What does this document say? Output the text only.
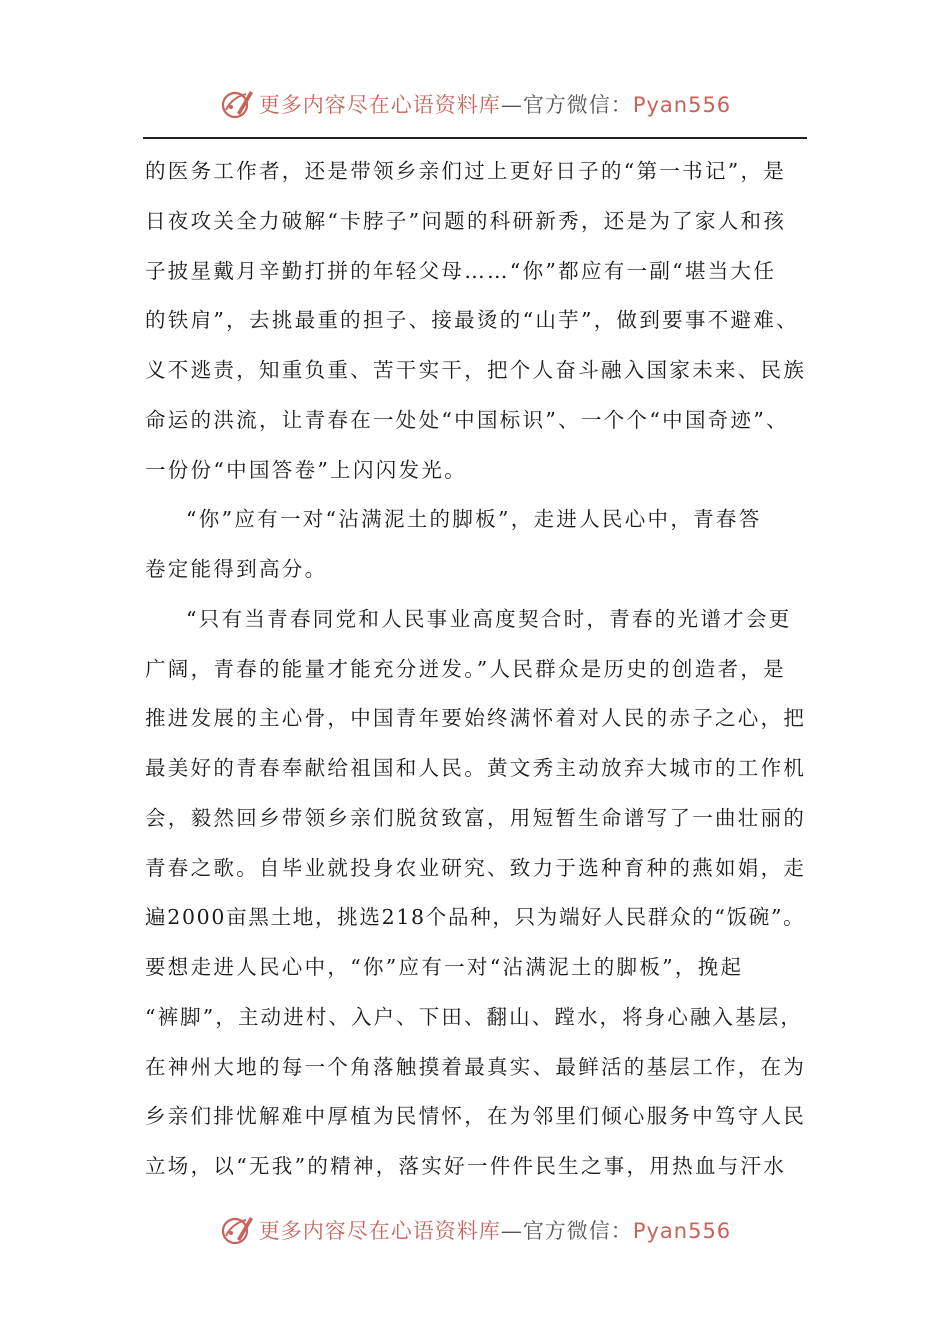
更多内容尽在心语资料库—官方微信：Pyan556
的医务工作者，还是带领乡亲们过上更好日子的“第一书记”，是
日夜攻关全力破解“卡脖子”问题的科研新秀，还是为了家人和孩
子披星戴月辛勤打拼的年轻父母……“你”都应有一副“堪当大任
的铁肩”，去挑最重的担子、接最烫的“山芋”，做到要事不避难、
义不逃责，知重负重、苦干实干，把个人奋斗融入国家未来、民族
命运的洪流，让青春在一处处“中国标识”、一个个“中国奇迹”、
一份份“中国答卷”上闪闪发光。
“你”应有一对“沾满泥土的脚板”，走进人民心中，青春答
卷定能得到高分。
“只有当青春同党和人民事业高度契合时，青春的光谱才会更
广阔，青春的能量才能充分迸发。”人民群众是历史的创造者，是
推进发展的主心骨，中国青年要始终满怀着对人民的赤子之心，把
最美好的青春奉献给祖国和人民。黄文秀主动放弃大城市的工作机
会，毅然回乡带领乡亲们脱贫致富，用短暂生命谱写了一曲壮丽的
青春之歌。自毕业就投身农业研究、致力于选种育种的燕如娟，走
遍2000亩黑土地，挑选218个品种，只为端好人民群众的“饭碗”。
要想走进人民心中，“你”应有一对“沾满泥土的脚板”，挽起
“裤脚”，主动进村、入户、下田、翻山、蹚水，将身心融入基层，
在神州大地的每一个角落触摸着最真实、最鲜活的基层工作，在为
乡亲们排忧解难中厚植为民情怀，在为邻里们倾心服务中笃守人民
立场，以“无我”的精神，落实好一件件民生之事，用热血与汗水
更多内容尽在心语资料库—官方微信：Pyan556
